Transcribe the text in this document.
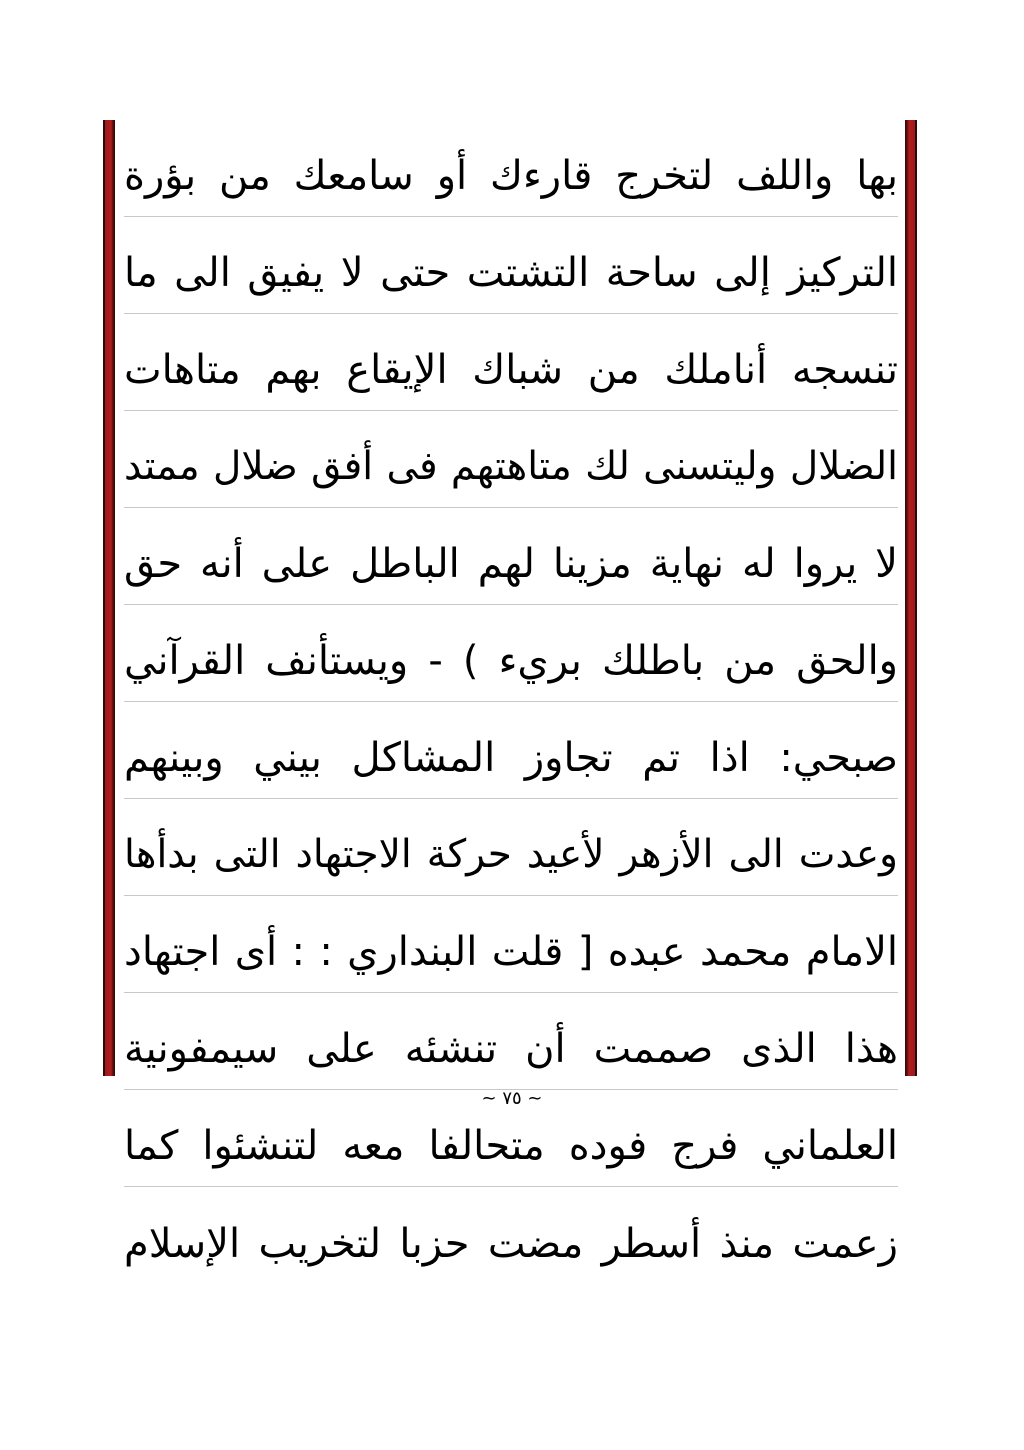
بها واللف لتخرج قارءك أو سامعك من بؤرة
التركيز إلى ساحة التشتت حتى لا يفيق الى ما
تنسجه أناملك من شباك الإيقاع بهم متاهات
الضلال وليتسنى لك متاهتهم فى أفق ضلال ممتد
لا يروا له نهاية مزينا لهم الباطل على أنه حق
والحق من باطلك بريء ) - ويستأنف القرآني
صبحي: اذا تم تجاوز المشاكل بيني وبينهم
وعدت الى الأزهر لأعيد حركة الاجتهاد التى بدأها
الامام محمد عبده [ قلت البنداري : : أى اجتهاد
هذا الذى صممت أن تنشئه على سيمفونية
العلماني فرج فوده متحالفا معه لتنشئوا كما
زعمت منذ أسطر مضت حزبا لتخريب الإسلام
~ ٧٥ ~
